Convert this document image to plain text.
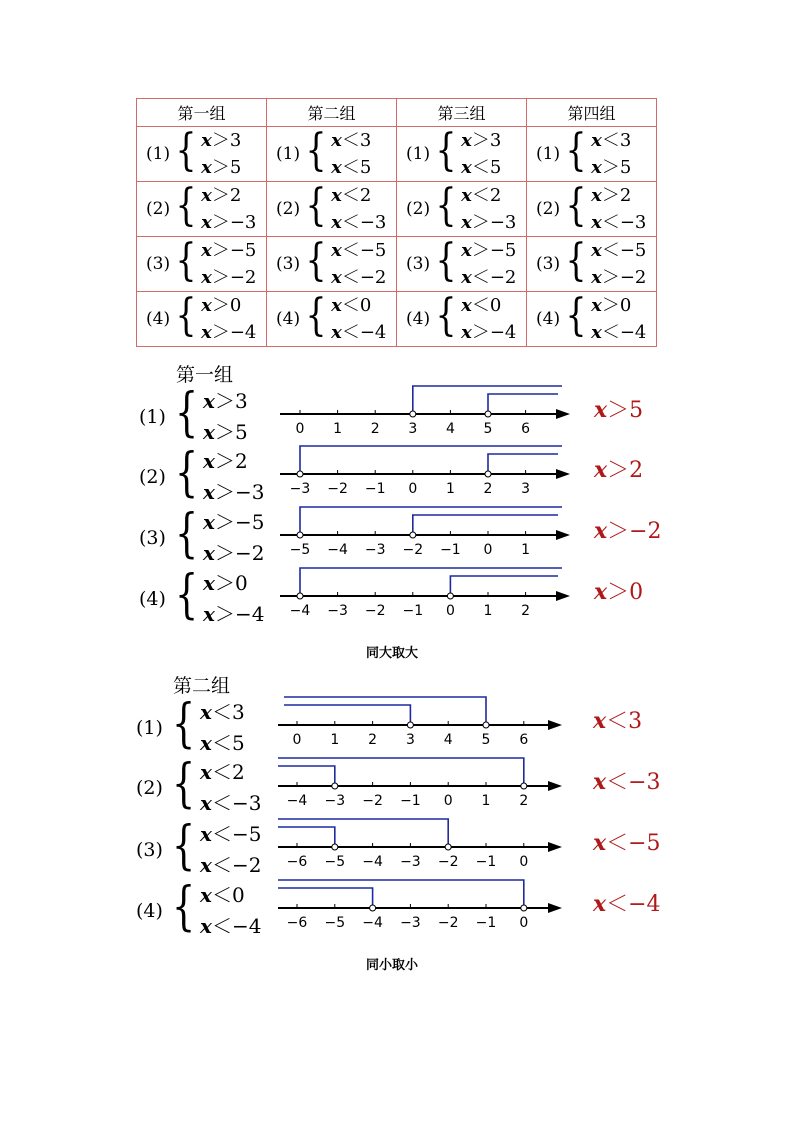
第一组	第二组	第三组	第四组

(1) { x＞3
x＞5	(1) { x＜3
x＜5	(1) { x＞3
x＜5	(1) { x＜3
x＞5

(2) { x＞2
x＞−3	(2) { x＜2
x＜−3	(2) { x＜2
x＞−3	(2) { x＞2
x＜−3

(3) { x＞−5
x＞−2	(3) { x＜−5
x＜−2	(3) { x＞−5
x＜−2	(3) { x＜−5
x＞−2

(4) { x＞0
x＞−4	(4) { x＜0
x＜−4	(4) { x＜0
x＞−4	(4) { x＞0
x＜−4
第一组
(1) { x＞3
x＞5
x＞5
(2) { x＞2
x＞−3
x＞2
(3) { x＞−5
x＞−2
x＞−2
(4) { x＞0
x＞−4
x＞0
同大取大
第二组
(1) { x＜3
x＜5
x＜3
(2) { x＜2
x＜−3
x＜−3
(3) { x＜−5
x＜−2
x＜−5
(4) { x＜0
x＜−4
x＜−4
同小取小
0 1 2 3 4 5 6
−3 −2 −1 0 1 2 3
−5 −4 −3 −2 −1 0 1
−4 −3 −2 −1 0 1 2
0 1 2 3 4 5 6
−4 −3 −2 −1 0 1 2
−6 −5 −4 −3 −2 −1 0
−6 −5 −4 −3 −2 −1 0
